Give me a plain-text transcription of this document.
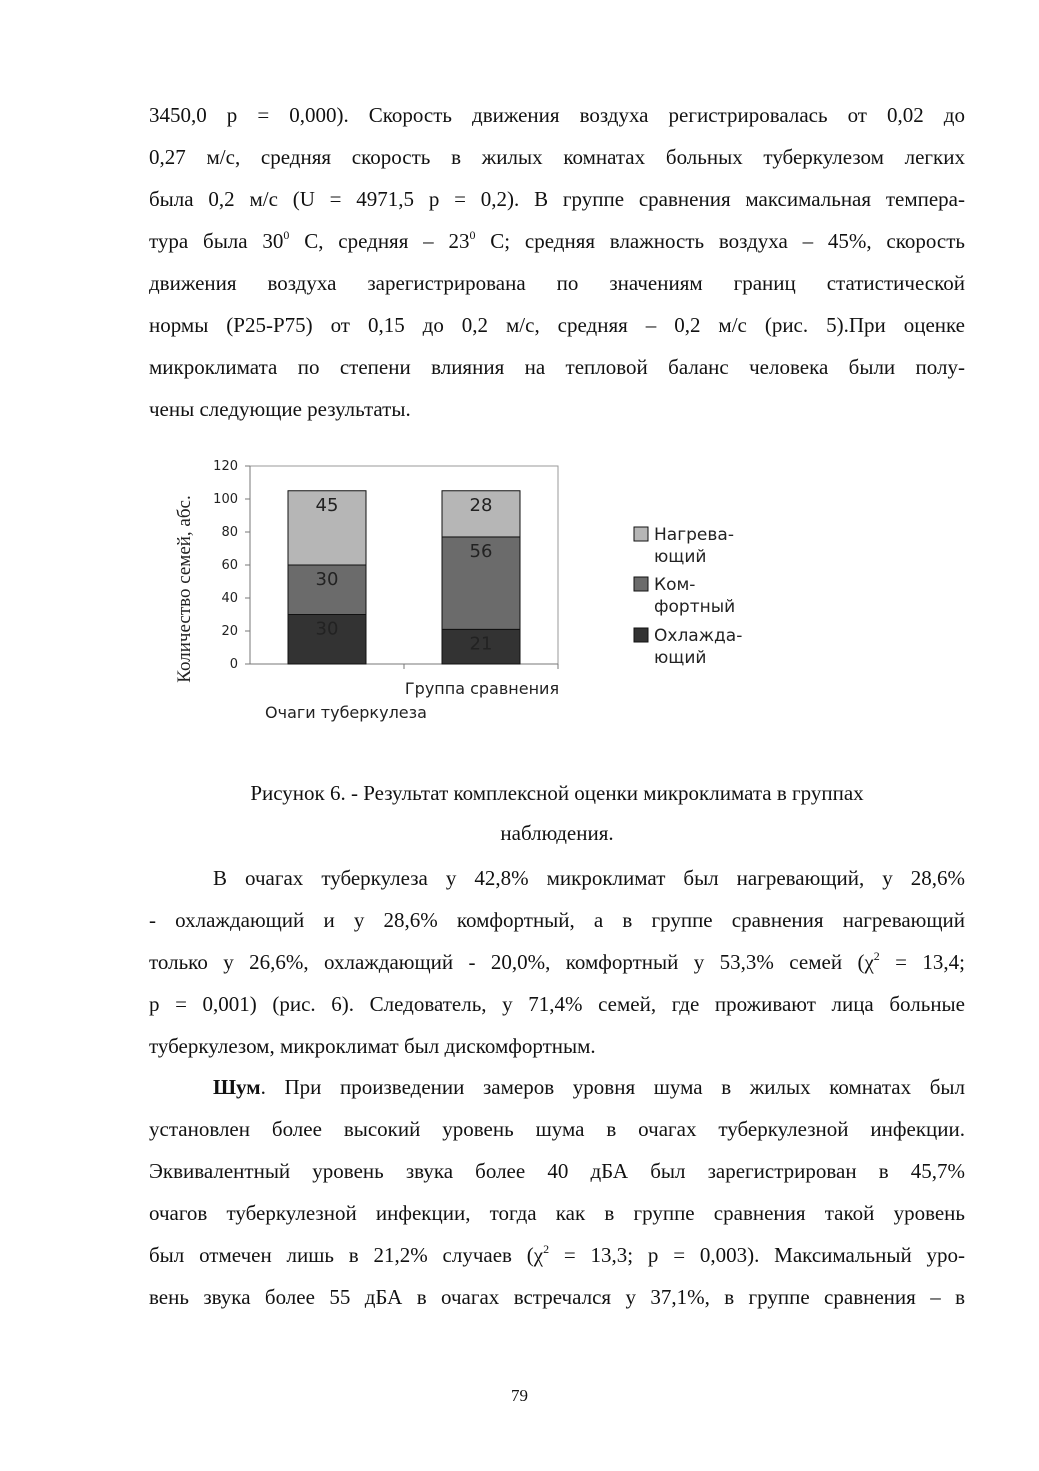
3450,0 р = 0,000). Скорость движения воздуха регистрировалась от 0,02 до
0,27 м/с, средняя скорость в жилых комнатах больных туберкулезом легких
была 0,2 м/с (U = 4971,5 р = 0,2). В группе сравнения максимальная темпера-
тура была $30^0$ С, средняя – $23^0$ С; средняя влажность воздуха – 45%, скорость
движения воздуха зарегистрирована по значениям границ статистической
нормы (Р25-Р75) от 0,15 до 0,2 м/с, средняя – 0,2 м/с (рис. 5).При оценке
микроклимата по степени влияния на тепловой баланс человека были полу-
чены следующие результаты.
0
20
40
60
80
100
120
30
30
45
21
56
28
Количество семей, абс.
Очаги туберкулеза
Группа сравнения
Нагрева-
ющий
Ком-
фортный
Охлажда-
ющий
Рисунок 6. - Результат комплексной оценки микроклимата в группах
наблюдения.
В очагах туберкулеза у 42,8% микроклимат был нагревающий, у 28,6%
- охлаждающий и у 28,6% комфортный, а в группе сравнения нагревающий
только у 26,6%, охлаждающий - 20,0%, комфортный у 53,3% семей ($\chi^2 = 13,4$;
р = 0,001) (рис. 6). Следователь, у 71,4% семей, где проживают лица больные
туберкулезом, микроклимат был дискомфортным.
Шум. При произведении замеров уровня шума в жилых комнатах был
установлен более высокий уровень шума в очагах туберкулезной инфекции.
Эквивалентный уровень звука более 40 дБА был зарегистрирован в 45,7%
очагов туберкулезной инфекции, тогда как в группе сравнения такой уровень
был отмечен лишь в 21,2% случаев ($\chi^2 = 13,3$; р = 0,003). Максимальный уро-
вень звука более 55 дБА в очагах встречался у 37,1%, в группе сравнения – в
79
